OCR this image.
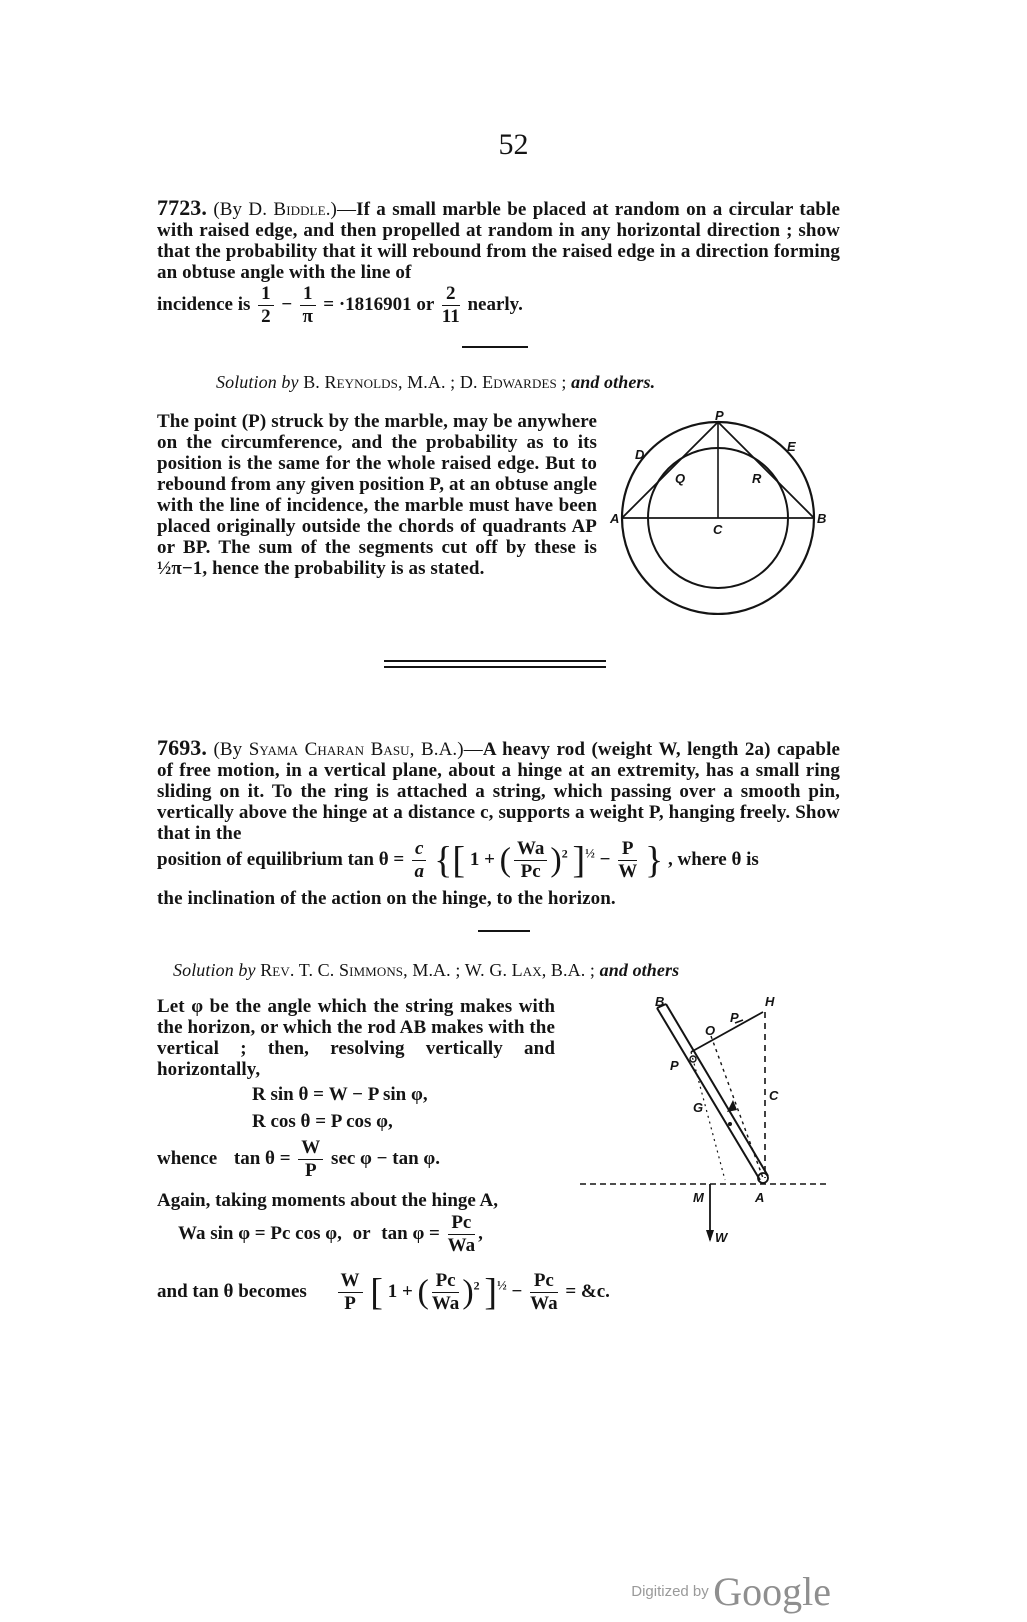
52
7723. (By D. Biddle.)—If a small marble be placed at random on a circular table with raised edge, and then propelled at random in any horizontal direction ; show that the probability that it will rebound from the raised edge in a direction forming an obtuse angle with the line of
incidence is $\frac{1}{2} - \frac{1}{\pi} = \cdot 1816901$ or $\frac{2}{11}$ nearly.
Solution by B. Reynolds, M.A. ; D. Edwardes ; and others.
The point (P) struck by the marble, may be anywhere on the circumference, and the probability as to its position is the same for the whole raised edge. But to rebound from any given position P, at an obtuse angle with the line of incidence, the marble must have been placed originally outside the chords of quadrants AP or BP. The sum of the segments cut off by these is ½π−1, hence the probability is as stated.
P
D
E
Q	R
A	B
C
7693. (By Syama Charan Basu, B.A.)—A heavy rod (weight W, length 2a) capable of free motion, in a vertical plane, about a hinge at an extremity, has a small ring sliding on it. To the ring is attached a string, which passing over a smooth pin, vertically above the hinge at a distance c, supports a weight P, hanging freely. Show that in the
position of equilibrium $\tan \theta = \frac{c}{a}$ {[ 1 + ( $\frac{Wa}{Pc} )^2$ ]$^{\frac{1}{2}} - \frac{P}{W}$ } , where θ is
the inclination of the action on the hinge, to the horizon.
Solution by Rev. T. C. Simmons, M.A. ; W. G. Lax, B.A. ; and others
Let φ be the angle which the string makes with the horizon, or which the rod AB makes with the vertical ; then, resolving vertically and horizontally,
R sin θ = W − P sin φ,
R cos θ = P cos φ,
whence $\tan \theta = \frac{W}{P}$ sec φ − tan φ.
Again, taking moments about the hinge A,
Wa sin φ = Pc cos φ, or $\tan \varphi = \frac{Pc}{Wa}$ ,
and tan θ becomes $\frac{W}{P}$ [ 1 + ( $\frac{Pc}{Wa} )^2$ ]$^{\frac{1}{2}} - \frac{Pc}{Wa}$ = &c.
B	H
P
O
P
C
G
M	A
W
Digitized by Google
